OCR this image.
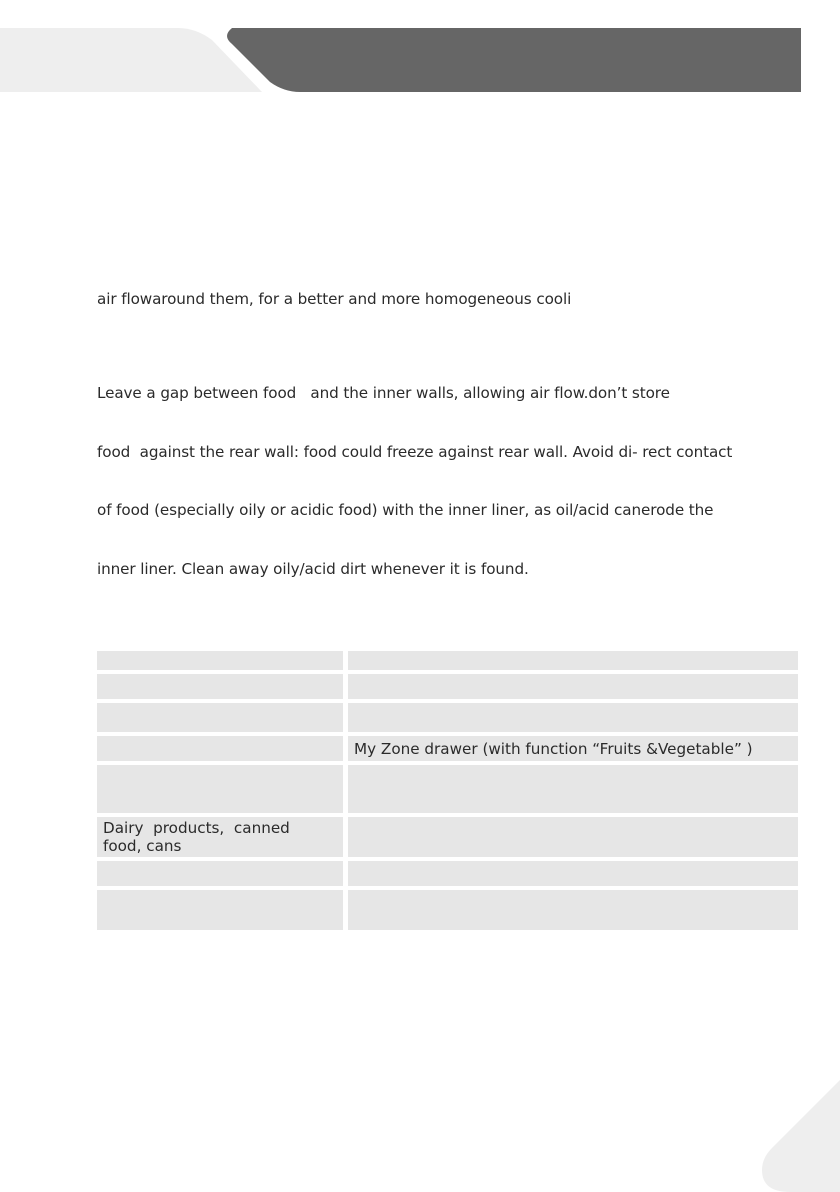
air flowaround them, for a better and more homogeneous cooli

Leave a gap between food   and the inner walls, allowing air flow.don’t store

food  against the rear wall: food could freeze against rear wall. Avoid di- rect contact

of food (especially oily or acidic food) with the inner liner, as oil/acid canerode the

inner liner. Clean away oily/acid dirt whenever it is found.

	My Zone drawer (with function “Fruits &Vegetable” )

Dairy  products,  canned
food, cans	
